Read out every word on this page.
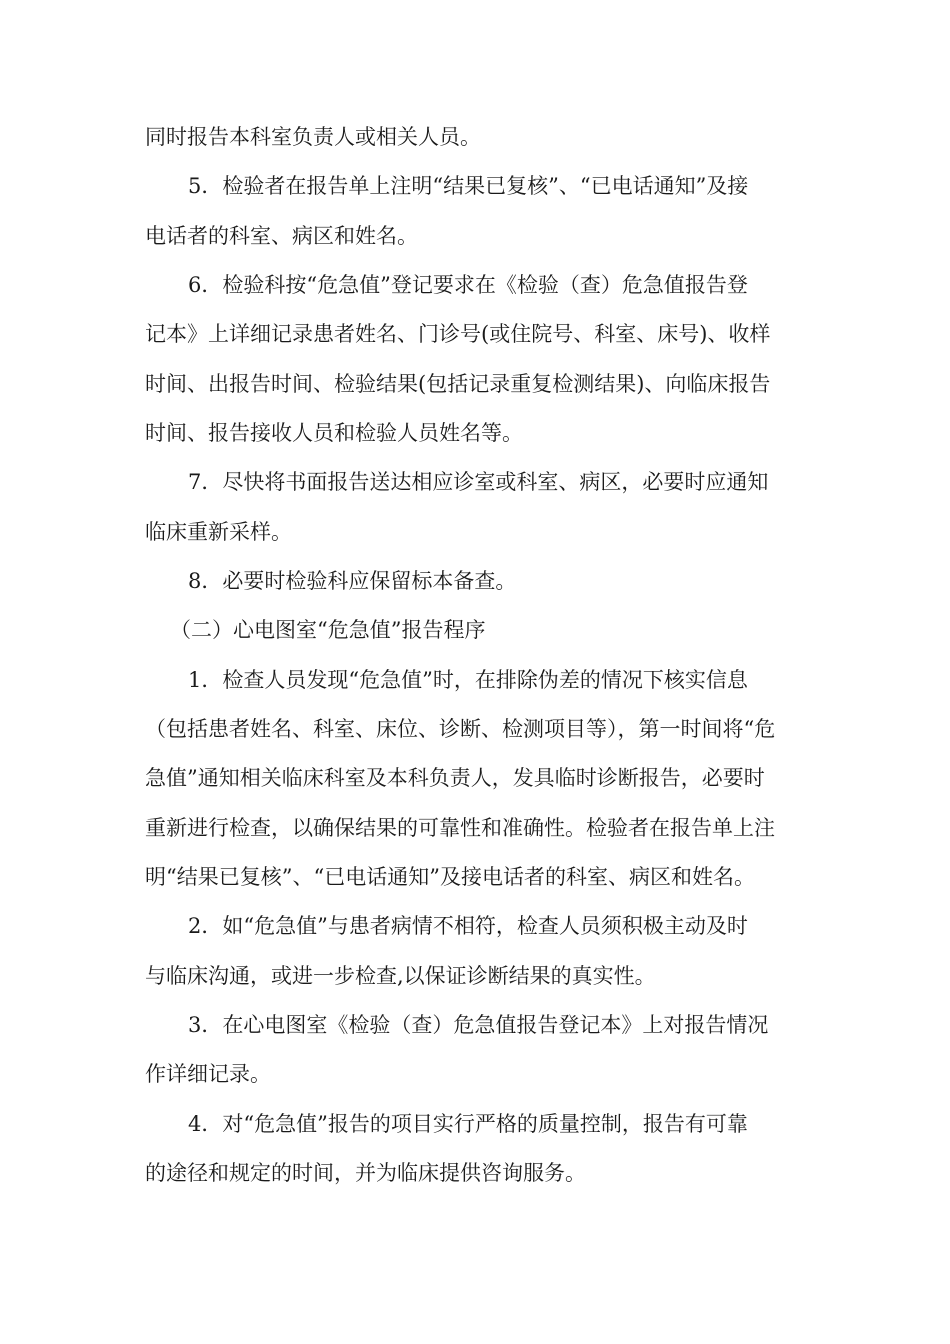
同时报告本科室负责人或相关人员。

5．检验者在报告单上注明“结果已复核”、“已电话通知”及接

电话者的科室、病区和姓名。

6．检验科按“危急值”登记要求在《检验（查）危急值报告登

记本》上详细记录患者姓名、门诊号(或住院号、科室、床号)、收样

时间、出报告时间、检验结果(包括记录重复检测结果)、向临床报告

时间、报告接收人员和检验人员姓名等。

7．尽快将书面报告送达相应诊室或科室、病区，必要时应通知

临床重新采样。

8．必要时检验科应保留标本备查。

（二）心电图室“危急值”报告程序

1．检查人员发现“危急值”时，在排除伪差的情况下核实信息

（包括患者姓名、科室、床位、诊断、检测项目等），第一时间将“危

急值”通知相关临床科室及本科负责人，发具临时诊断报告，必要时

重新进行检查，以确保结果的可靠性和准确性。检验者在报告单上注

明“结果已复核”、“已电话通知”及接电话者的科室、病区和姓名。

2．如“危急值”与患者病情不相符，检查人员须积极主动及时

与临床沟通，或进一步检查,以保证诊断结果的真实性。

3．在心电图室《检验（查）危急值报告登记本》上对报告情况

作详细记录。

4．对“危急值”报告的项目实行严格的质量控制，报告有可靠

的途径和规定的时间，并为临床提供咨询服务。
